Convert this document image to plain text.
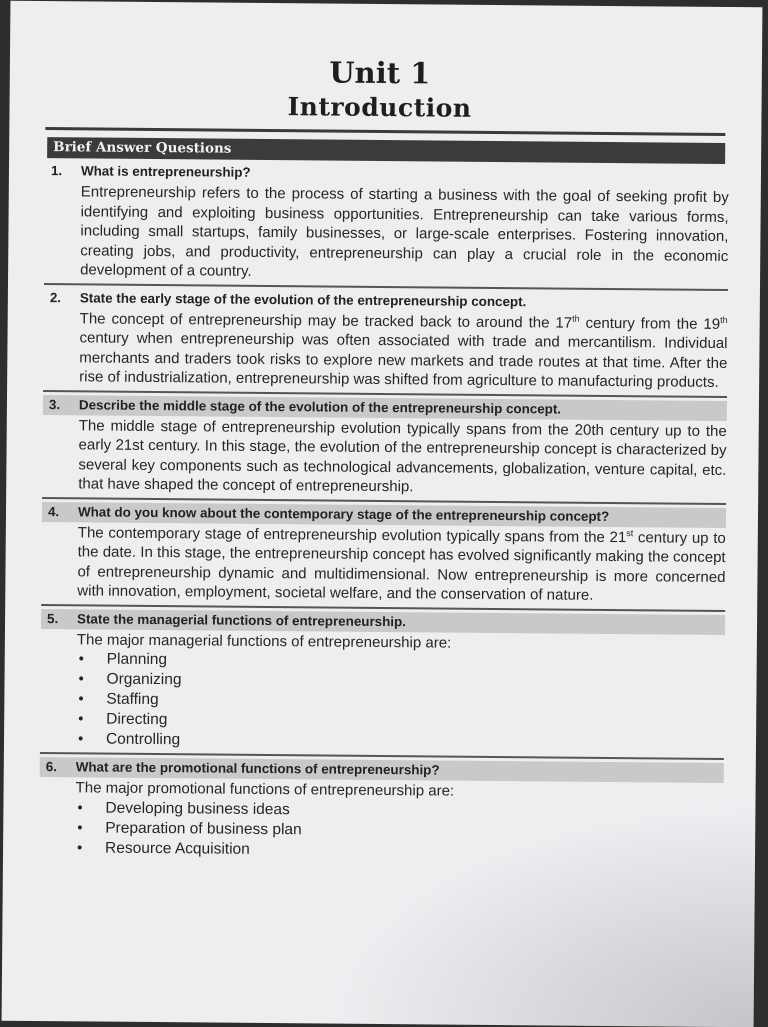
Unit 1
Introduction
Brief Answer Questions
1.	What is entrepreneurship?
Entrepreneurship refers to the process of starting a business with the goal of seeking profit by identifying and exploiting business opportunities. Entrepreneurship can take various forms, including small startups, family businesses, or large-scale enterprises. Fostering innovation, creating jobs, and productivity, entrepreneurship can play a crucial role in the economic development of a country.
2.	State the early stage of the evolution of the entrepreneurship concept.
The concept of entrepreneurship may be tracked back to around the 17th century from the 19th century when entrepreneurship was often associated with trade and mercantilism. Individual merchants and traders took risks to explore new markets and trade routes at that time. After the rise of industrialization, entrepreneurship was shifted from agriculture to manufacturing products.
3.	Describe the middle stage of the evolution of the entrepreneurship concept.
The middle stage of entrepreneurship evolution typically spans from the 20th century up to the early 21st century. In this stage, the evolution of the entrepreneurship concept is characterized by several key components such as technological advancements, globalization, venture capital, etc. that have shaped the concept of entrepreneurship.
4.	What do you know about the contemporary stage of the entrepreneurship concept?
The contemporary stage of entrepreneurship evolution typically spans from the 21st century up to the date. In this stage, the entrepreneurship concept has evolved significantly making the concept of entrepreneurship dynamic and multidimensional. Now entrepreneurship is more concerned with innovation, employment, societal welfare, and the conservation of nature.
5.	State the managerial functions of entrepreneurship.
The major managerial functions of entrepreneurship are:
• Planning
• Organizing
• Staffing
• Directing
• Controlling
6.	What are the promotional functions of entrepreneurship?
The major promotional functions of entrepreneurship are:
• Developing business ideas
• Preparation of business plan
• Resource Acquisition
